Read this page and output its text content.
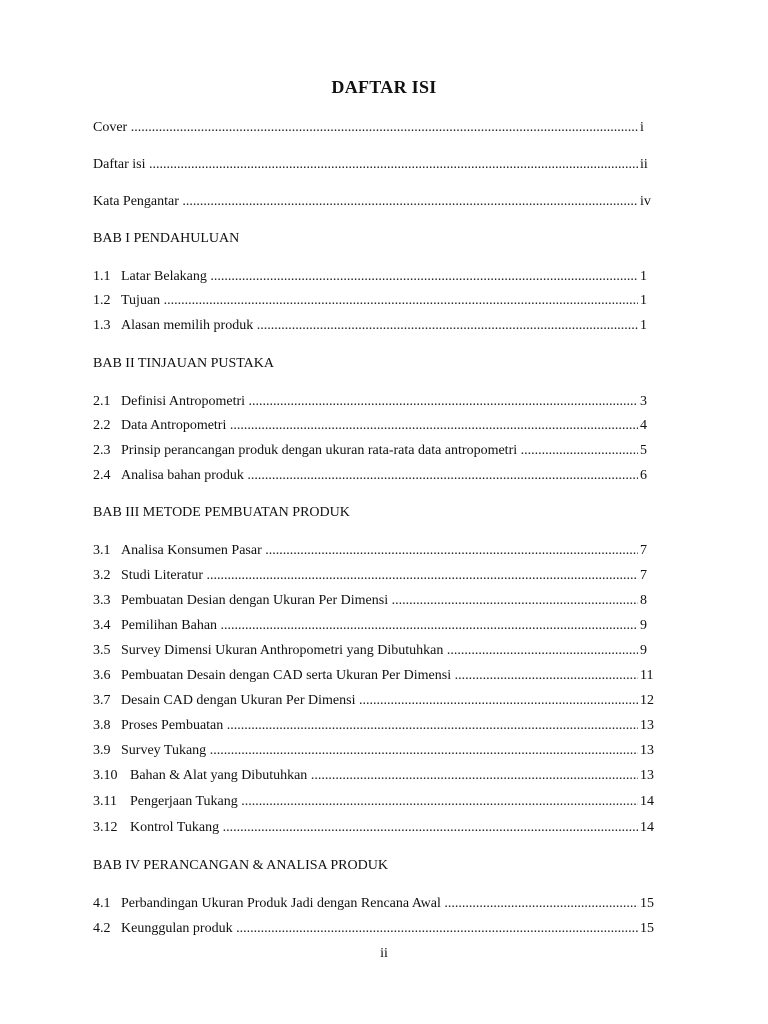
DAFTAR ISI
Cover .....	i
Daftar isi .....	ii
Kata Pengantar .....	iv
BAB I PENDAHULUAN
1.1 Latar Belakang .....	1
1.2 Tujuan .....	1
1.3 Alasan memilih produk .....	1
BAB II TINJAUAN PUSTAKA
2.1 Definisi Antropometri .....	3
2.2 Data Antropometri .....	4
2.3 Prinsip perancangan produk dengan ukuran rata-rata data antropometri .....	5
2.4 Analisa bahan produk .....	6
BAB III METODE PEMBUATAN PRODUK
3.1 Analisa Konsumen Pasar .....	7
3.2 Studi Literatur .....	7
3.3 Pembuatan Desian dengan Ukuran Per Dimensi .....	8
3.4 Pemilihan Bahan .....	9
3.5 Survey Dimensi Ukuran Anthropometri yang Dibutuhkan .....	9
3.6 Pembuatan Desain dengan CAD serta Ukuran Per Dimensi .....	11
3.7 Desain CAD dengan Ukuran Per Dimensi .....	12
3.8 Proses Pembuatan .....	13
3.9 Survey Tukang .....	13
3.10 Bahan & Alat yang Dibutuhkan .....	13
3.11 Pengerjaan Tukang .....	14
3.12 Kontrol Tukang .....	14
BAB IV PERANCANGAN & ANALISA PRODUK
4.1 Perbandingan Ukuran Produk Jadi dengan Rencana Awal .....	15
4.2 Keunggulan produk .....	15
ii
